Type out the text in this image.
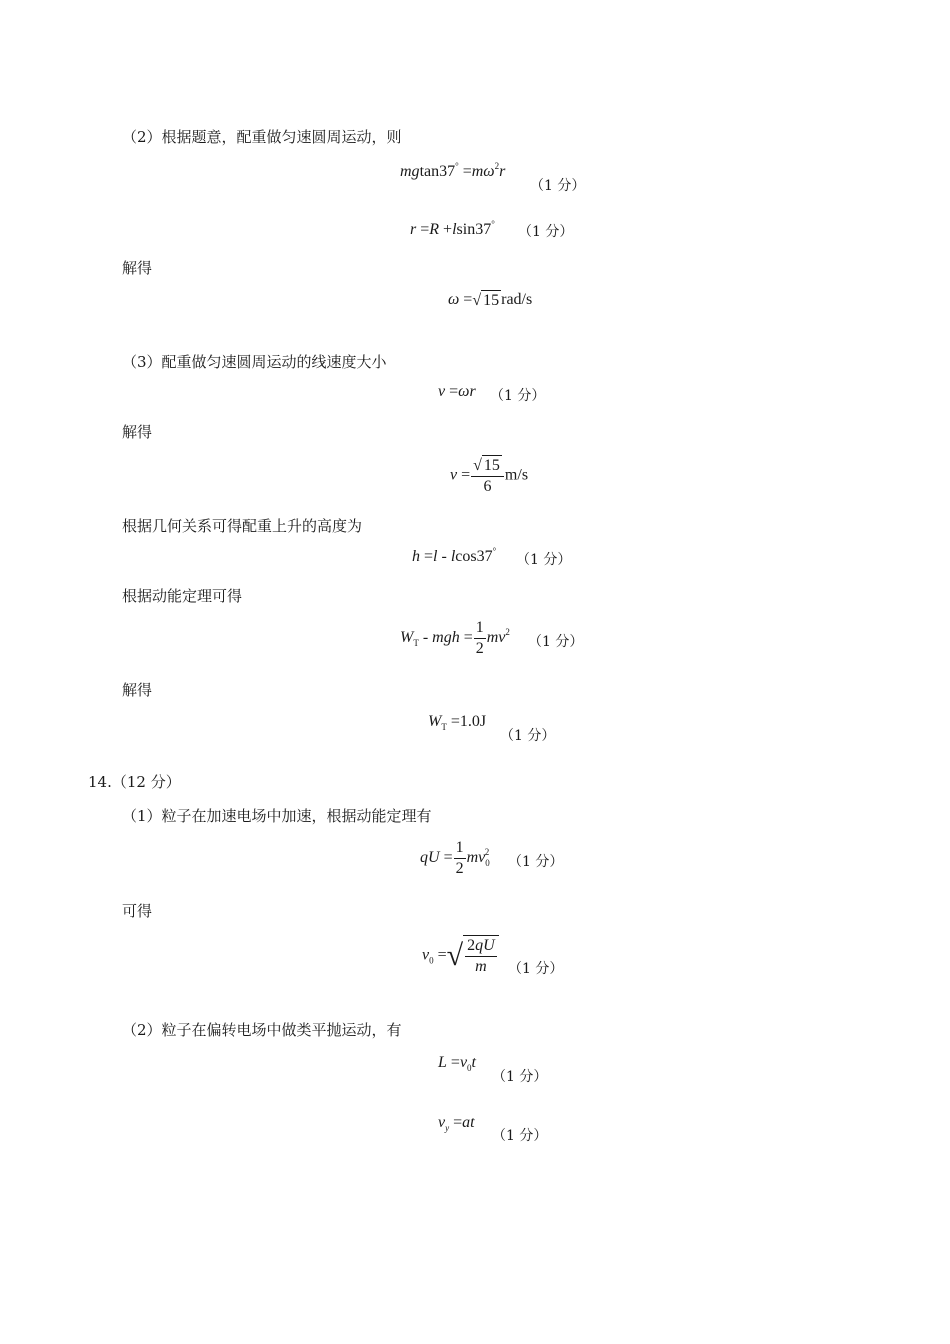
（2）根据题意，配重做匀速圆周运动，则
$mgtan37^\circ =m\omega^2r$
（1 分）
r =R +lsin37° （1 分）
解得
ω =√ 15 rad/s
（3）配重做匀速圆周运动的线速度大小
v =ωr （1 分）
解得
$v = \frac{√ 15}{6} m/s$
根据几何关系可得配重上升的高度为
h =l - lcos37°
（1 分）
根据动能定理可得
$W_T$ - mgh = $\frac{1}{2} mv^2$
（1 分）
解得
$W_T =1.0J$
（1 分）
14.（12 分）
（1）粒子在加速电场中加速，根据动能定理有
qU = $\frac{1}{2} mv_0^2$
（1 分）
可得
$v_0$ =√ $\frac{2qU}{m} (1$ 分）
（2）粒子在偏转电场中做类平抛运动，有
$L =v_0t$
（1 分）
$v_y =at$
（1 分）
